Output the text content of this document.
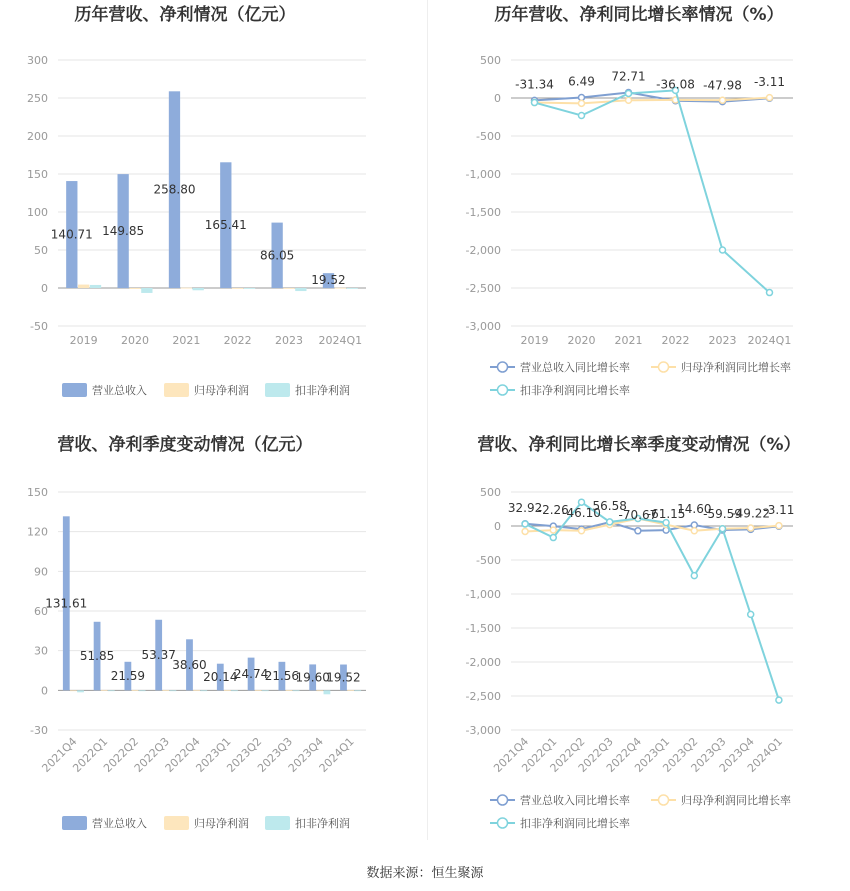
历年营收、净利情况（亿元）
-50
0
50
100
150
200
250
300
2019 2020 2021 2022 2023 2024Q1
140.71 149.85
258.80
165.41
86.05
19.52
营业总收入	归母净利润	扣非净利润
历年营收、净利同比增长率情况（%）
500
0
-500
-1,000
-1,500
-2,000
-2,500
-3,000
2019 2020 2021 2022 2023 2024Q1
-31.34 6.49 72.71
-36.08 -47.98 -3.11
营业总收入同比增长率	归母净利润同比增长率
扣非净利润同比增长率
营收、净利季度变动情况（亿元）
-30
0
30
60
90
120
150
2021Q4
2022Q1
2022Q2
2022Q3
2022Q4
2023Q1
2023Q2
2023Q3
2023Q4
2024Q1
131.61
51.85
21.59
53.37
38.60
20.14
24.74
21.56
19.60
19.52
营业总收入	归母净利润	扣非净利润
营收、净利同比增长率季度变动情况（%）
500
0
-500
-1,000
-1,500
-2,000
-2,500
-3,000
2021Q4
2022Q1
2022Q2
2022Q3
2022Q4
2023Q1
2023Q2
2023Q3
2023Q4
2024Q1
32.92
-2.26
-46.10
56.58
-70.67
-61.15
14.60
-59.59
-49.22
-3.11
营业总收入同比增长率	归母净利润同比增长率
扣非净利润同比增长率
数据来源：恒生聚源
